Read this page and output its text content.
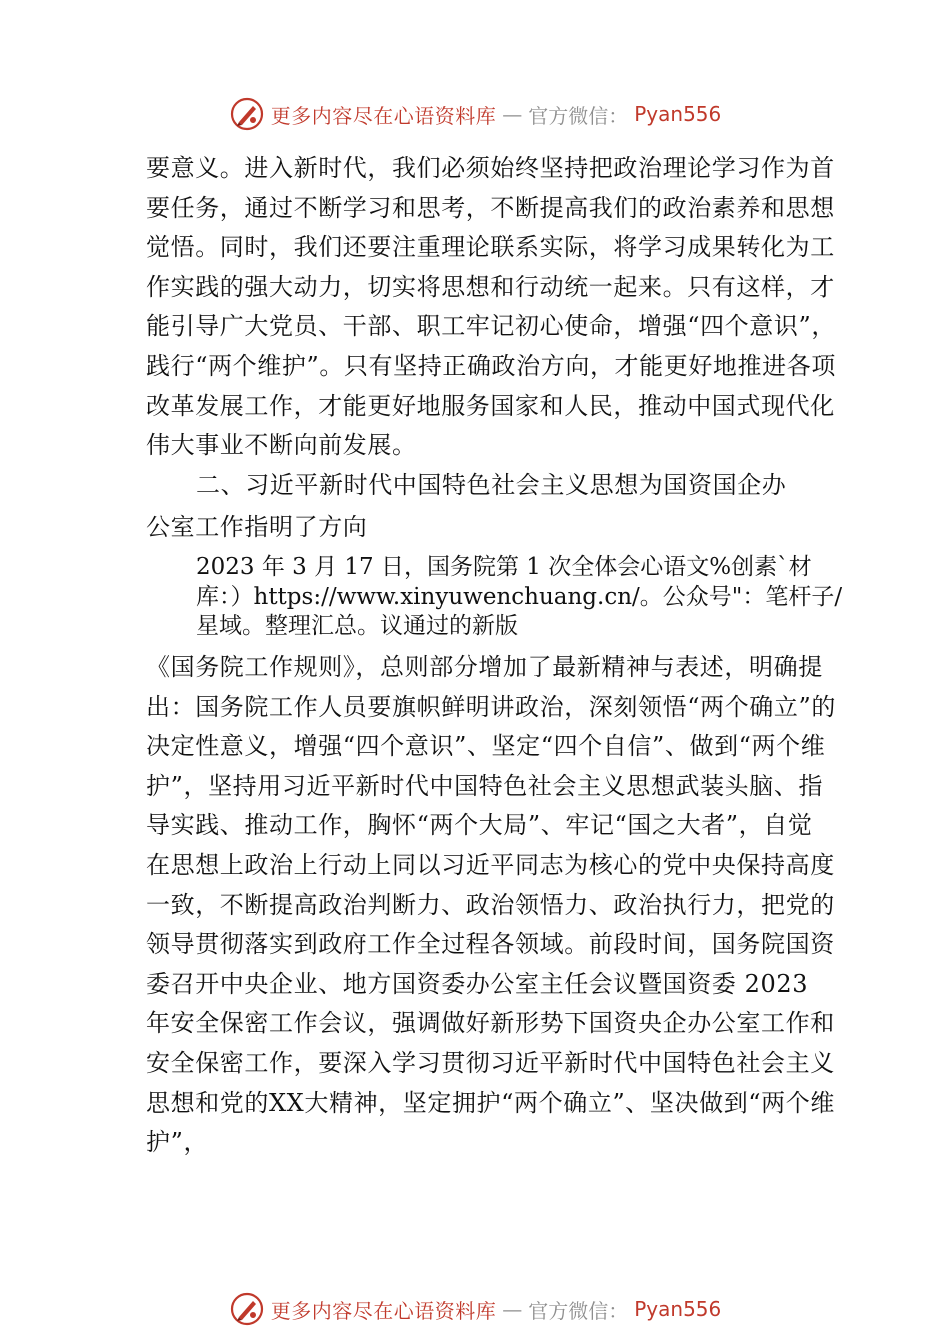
更多内容尽在心语资料库 — 官方微信： Pyan556

要意义。进入新时代，我们必须始终坚持把政治理论学习作为首要任务，通过不断学习和思考，不断提高我们的政治素养和思想觉悟。同时，我们还要注重理论联系实际，将学习成果转化为工作实践的强大动力，切实将思想和行动统一起来。只有这样，才能引导广大党员、干部、职工牢记初心使命，增强“四个意识”，践行“两个维护”。只有坚持正确政治方向，才能更好地推进各项改革发展工作，才能更好地服务国家和人民，推动中国式现代化伟大事业不断向前发展。

二、习近平新时代中国特色社会主义思想为国资国企办

公室工作指明了方向

2023 年 3 月 17 日，国务院第 1 次全体会心语文%创素`材库：）https://www.xinyuwenchuang.cn/。公众号"：笔杆子/星域。整理汇总。议通过的新版

《国务院工作规则》，总则部分增加了最新精神与表述，明确提出：国务院工作人员要旗帜鲜明讲政治，深刻领悟“两个确立”的决定性意义，增强“四个意识”、坚定“四个自信”、做到“两个维护”，坚持用习近平新时代中国特色社会主义思想武装头脑、指导实践、推动工作，胸怀“两个大局”、牢记“国之大者”，自觉在思想上政治上行动上同以习近平同志为核心的党中央保持高度一致，不断提高政治判断力、政治领悟力、政治执行力，把党的领导贯彻落实到政府工作全过程各领域。前段时间，国务院国资委召开中央企业、地方国资委办公室主任会议暨国资委 2023 年安全保密工作会议，强调做好新形势下国资央企办公室工作和安全保密工作，要深入学习贯彻习近平新时代中国特色社会主义思想和党的XX大精神，坚定拥护“两个确立”、坚决做到“两个维护”，

更多内容尽在心语资料库 — 官方微信： Pyan556
